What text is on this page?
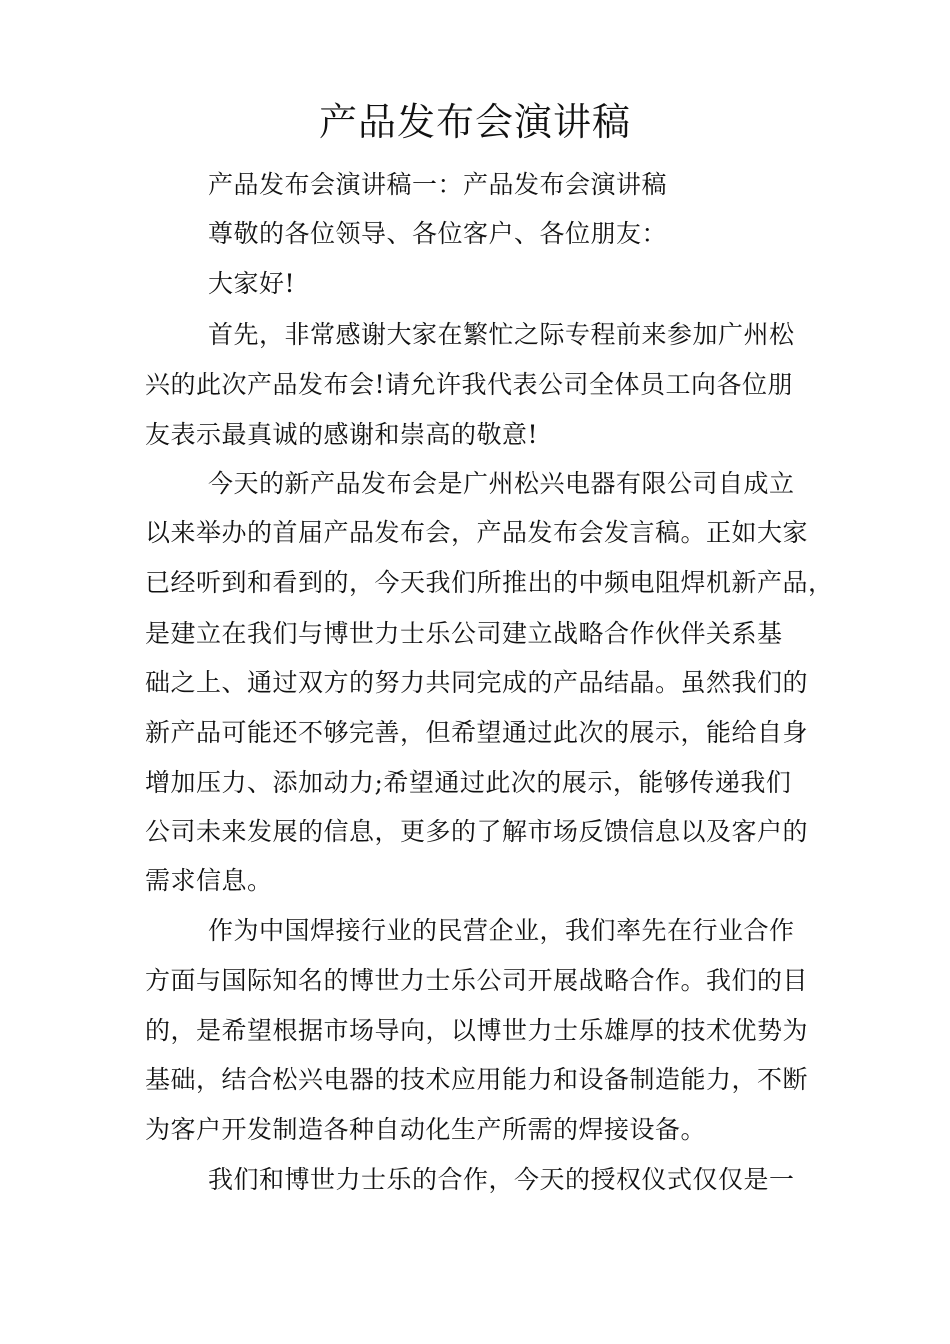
产品发布会演讲稿
产品发布会演讲稿一：产品发布会演讲稿
尊敬的各位领导、各位客户、各位朋友：
大家好!
首先，非常感谢大家在繁忙之际专程前来参加广州松
兴的此次产品发布会!请允许我代表公司全体员工向各位朋
友表示最真诚的感谢和崇高的敬意!
今天的新产品发布会是广州松兴电器有限公司自成立
以来举办的首届产品发布会，产品发布会发言稿。正如大家
已经听到和看到的，今天我们所推出的中频电阻焊机新产品，
是建立在我们与博世力士乐公司建立战略合作伙伴关系基
础之上、通过双方的努力共同完成的产品结晶。虽然我们的
新产品可能还不够完善，但希望通过此次的展示，能给自身
增加压力、添加动力;希望通过此次的展示，能够传递我们
公司未来发展的信息，更多的了解市场反馈信息以及客户的
需求信息。
作为中国焊接行业的民营企业，我们率先在行业合作
方面与国际知名的博世力士乐公司开展战略合作。我们的目
的，是希望根据市场导向，以博世力士乐雄厚的技术优势为
基础，结合松兴电器的技术应用能力和设备制造能力，不断
为客户开发制造各种自动化生产所需的焊接设备。
我们和博世力士乐的合作，今天的授权仪式仅仅是一
